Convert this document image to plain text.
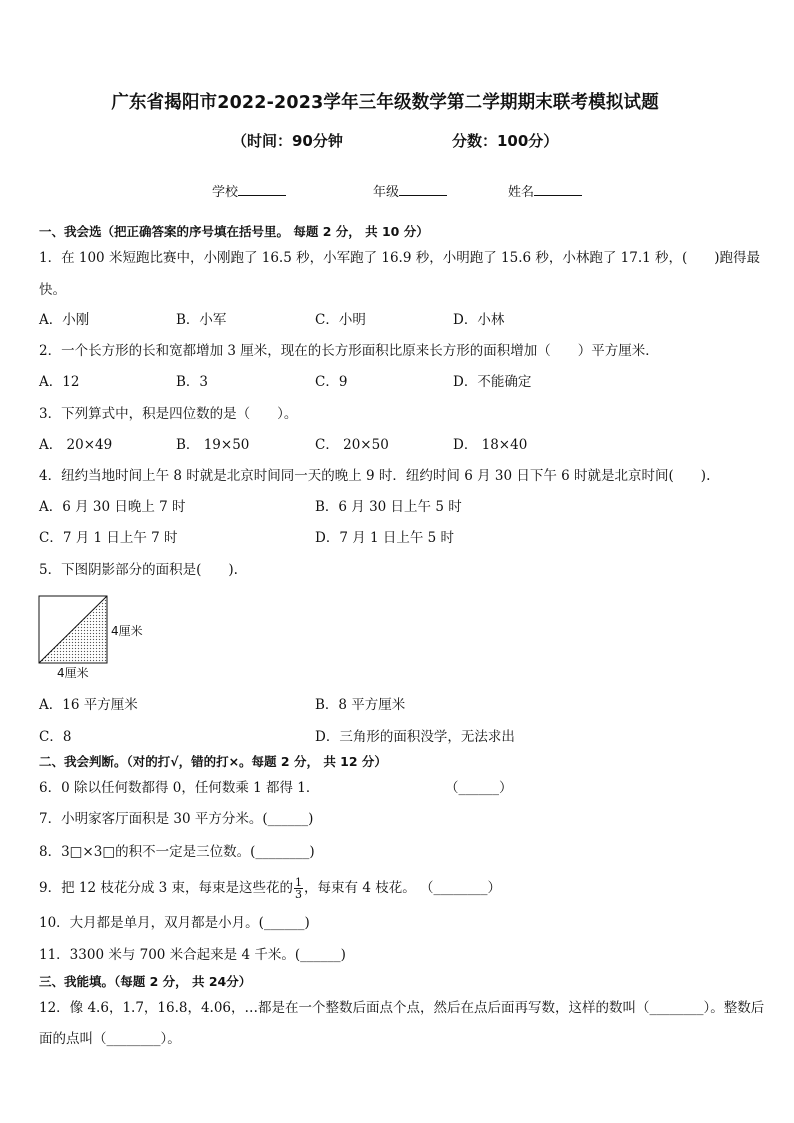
广东省揭阳市2022-2023学年三年级数学第二学期期末联考模拟试题
（时间：90分钟	分数：100分）
学校	年级	姓名
一、我会选（把正确答案的序号填在括号里。 每题 2 分， 共 10 分）
1．在 100 米短跑比赛中，小刚跑了 16.5 秒，小军跑了 16.9 秒，小明跑了 15.6 秒，小林跑了 17.1 秒，(　　)跑得最
快。
A．小刚	B．小军	C．小明	D．小林
2．一个长方形的长和宽都增加 3 厘米，现在的长方形面积比原来长方形的面积增加（　　）平方厘米．
A．12	B．3	C．9	D．不能确定
3．下列算式中，积是四位数的是（　　）。
A． 20×49	B． 19×50	C． 20×50	D． 18×40
4．纽约当地时间上午 8 时就是北京时间同一天的晚上 9 时．纽约时间 6 月 30 日下午 6 时就是北京时间(　　).
A．6 月 30 日晚上 7 时	B．6 月 30 日上午 5 时
C．7 月 1 日上午 7 时	D．7 月 1 日上午 5 时
5．下图阴影部分的面积是(　　).
4厘米
4厘米
A．16 平方厘米	B．8 平方厘米
C．8	D．三角形的面积没学，无法求出
二、我会判断。（对的打√，错的打×。每题 2 分， 共 12 分）
6．0 除以任何数都得 0，任何数乘 1 都得 1．	（______）
7．小明家客厅面积是 30 平方分米。(______)
8．3□×3□的积不一定是三位数。(________)
9．把 12 枝花分成 3 束，每束是这些花的 $\frac{1}{3}$ ，每束有 4 枝花。 （________）
10．大月都是单月，双月都是小月。(______)
11．3300 米与 700 米合起来是 4 千米。(______)
三、我能填。（每题 2 分， 共 24分）
12．像 4.6，1.7，16.8，4.06，…都是在一个整数后面点个点，然后在点后面再写数，这样的数叫（________）。整数后
面的点叫（________）。
